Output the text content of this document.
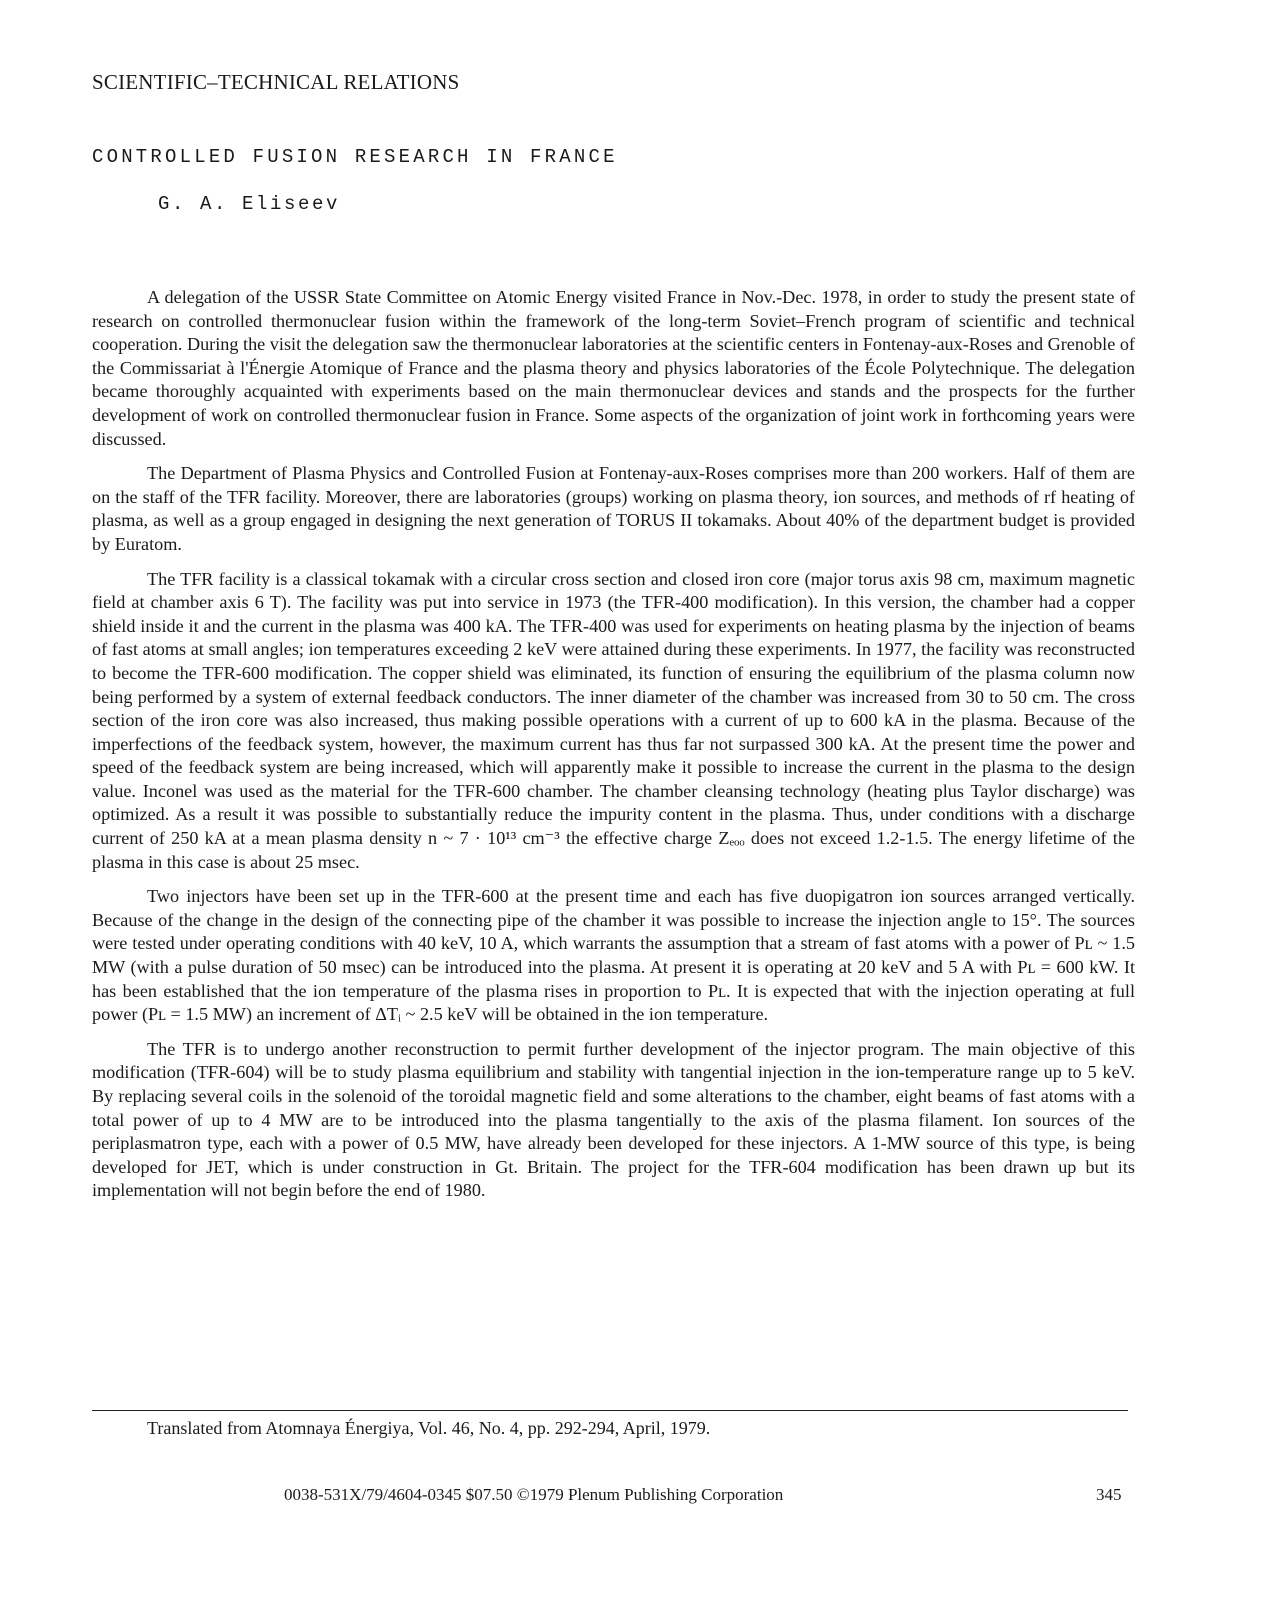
SCIENTIFIC–TECHNICAL RELATIONS
CONTROLLED FUSION RESEARCH IN FRANCE
G. A. Eliseev

A delegation of the USSR State Committee on Atomic Energy visited France in Nov.-Dec. 1978, in order to study the present state of research on controlled thermonuclear fusion within the framework of the long-term Soviet–French program of scientific and technical cooperation. During the visit the delegation saw the thermonuclear laboratories at the scientific centers in Fontenay-aux-Roses and Grenoble of the Commissariat à l'Énergie Atomique of France and the plasma theory and physics laboratories of the École Polytechnique. The delegation became thoroughly acquainted with experiments based on the main thermonuclear devices and stands and the prospects for the further development of work on controlled thermonuclear fusion in France. Some aspects of the organization of joint work in forthcoming years were discussed.

The Department of Plasma Physics and Controlled Fusion at Fontenay-aux-Roses comprises more than 200 workers. Half of them are on the staff of the TFR facility. Moreover, there are laboratories (groups) working on plasma theory, ion sources, and methods of rf heating of plasma, as well as a group engaged in designing the next generation of TORUS II tokamaks. About 40% of the department budget is provided by Euratom.

The TFR facility is a classical tokamak with a circular cross section and closed iron core (major torus axis 98 cm, maximum magnetic field at chamber axis 6 T). The facility was put into service in 1973 (the TFR-400 modification). In this version, the chamber had a copper shield inside it and the current in the plasma was 400 kA. The TFR-400 was used for experiments on heating plasma by the injection of beams of fast atoms at small angles; ion temperatures exceeding 2 keV were attained during these experiments. In 1977, the facility was reconstructed to become the TFR-600 modification. The copper shield was eliminated, its function of ensuring the equilibrium of the plasma column now being performed by a system of external feedback conductors. The inner diameter of the chamber was increased from 30 to 50 cm. The cross section of the iron core was also increased, thus making possible operations with a current of up to 600 kA in the plasma. Because of the imperfections of the feedback system, however, the maximum current has thus far not surpassed 300 kA. At the present time the power and speed of the feedback system are being increased, which will apparently make it possible to increase the current in the plasma to the design value. Inconel was used as the material for the TFR-600 chamber. The chamber cleansing technology (heating plus Taylor discharge) was optimized. As a result it was possible to substantially reduce the impurity content in the plasma. Thus, under conditions with a discharge current of 250 kA at a mean plasma density n ~ 7 · 10¹³ cm⁻³ the effective charge Zₑₒₒ does not exceed 1.2-1.5. The energy lifetime of the plasma in this case is about 25 msec.

Two injectors have been set up in the TFR-600 at the present time and each has five duopigatron ion sources arranged vertically. Because of the change in the design of the connecting pipe of the chamber it was possible to increase the injection angle to 15°. The sources were tested under operating conditions with 40 keV, 10 A, which warrants the assumption that a stream of fast atoms with a power of Pʟ ~ 1.5 MW (with a pulse duration of 50 msec) can be introduced into the plasma. At present it is operating at 20 keV and 5 A with Pʟ = 600 kW. It has been established that the ion temperature of the plasma rises in proportion to Pʟ. It is expected that with the injection operating at full power (Pʟ = 1.5 MW) an increment of ΔTᵢ ~ 2.5 keV will be obtained in the ion temperature.

The TFR is to undergo another reconstruction to permit further development of the injector program. The main objective of this modification (TFR-604) will be to study plasma equilibrium and stability with tangential injection in the ion-temperature range up to 5 keV. By replacing several coils in the solenoid of the toroidal magnetic field and some alterations to the chamber, eight beams of fast atoms with a total power of up to 4 MW are to be introduced into the plasma tangentially to the axis of the plasma filament. Ion sources of the periplasmatron type, each with a power of 0.5 MW, have already been developed for these injectors. A 1-MW source of this type, is being developed for JET, which is under construction in Gt. Britain. The project for the TFR-604 modification has been drawn up but its implementation will not begin before the end of 1980.

Translated from Atomnaya Énergiya, Vol. 46, No. 4, pp. 292-294, April, 1979.
0038-531X/79/4604-0345 $07.50 ©1979 Plenum Publishing Corporation	345
